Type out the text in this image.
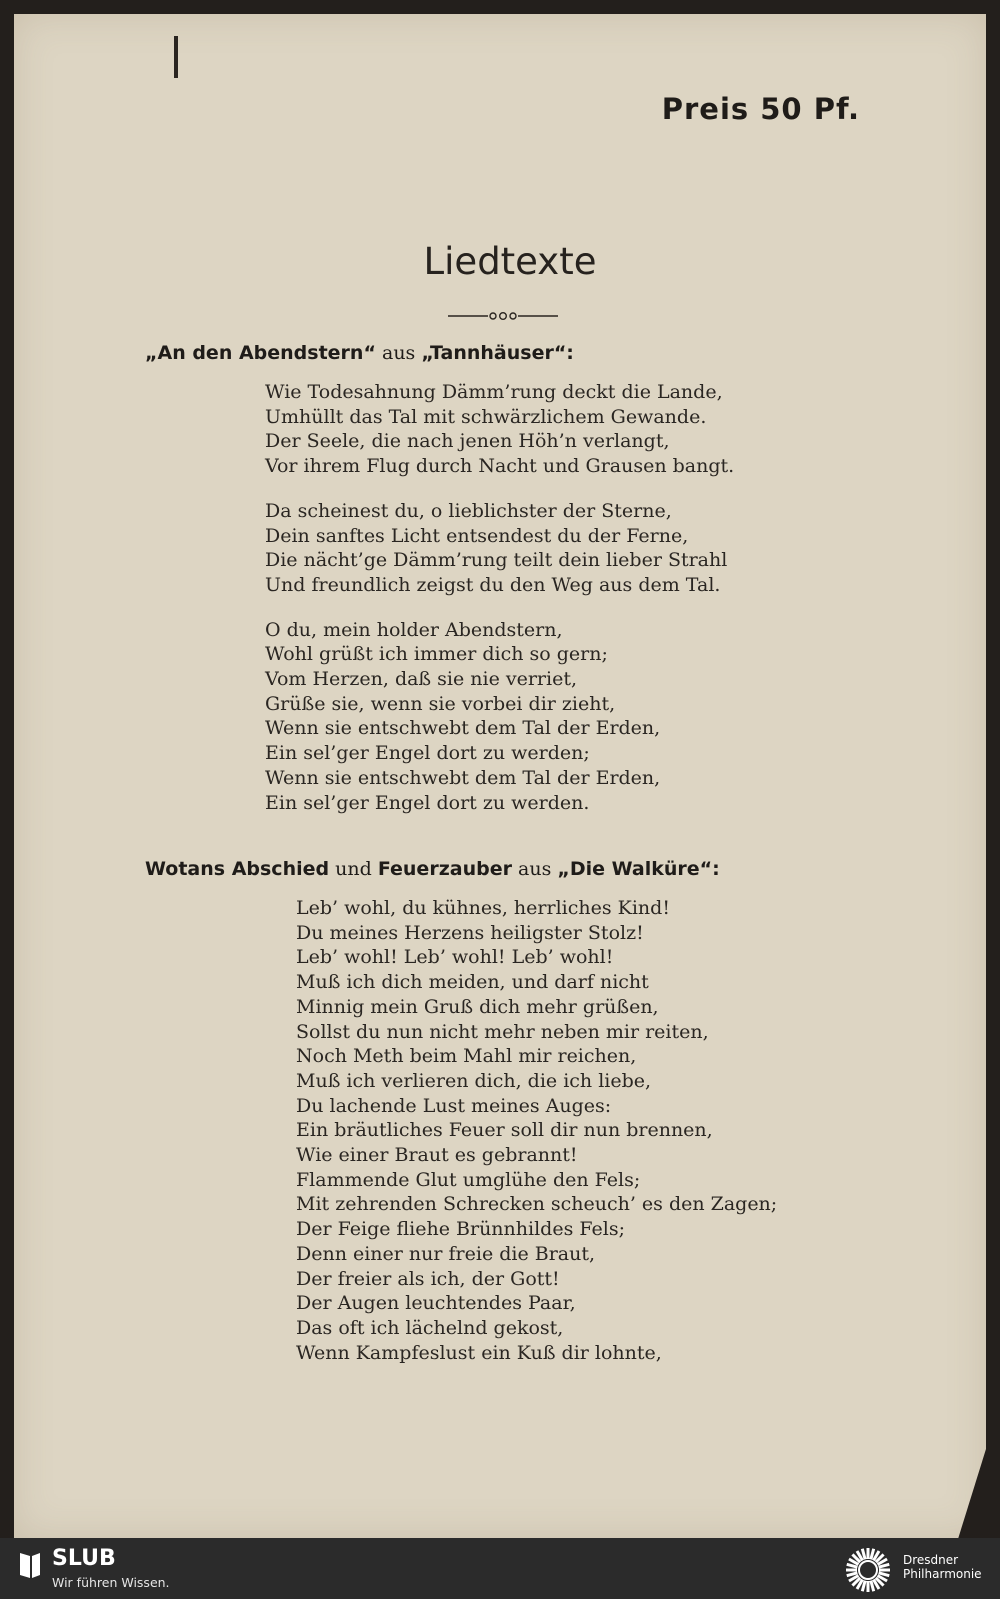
Preis 50 Pf.
Liedtexte
„An den Abendstern“ aus „Tannhäuser“:
Wie Todesahnung Dämm’rung deckt die Lande,
Umhüllt das Tal mit schwärzlichem Gewande.
Der Seele, die nach jenen Höh’n verlangt,
Vor ihrem Flug durch Nacht und Grausen bangt.
Da scheinest du, o lieblichster der Sterne,
Dein sanftes Licht entsendest du der Ferne,
Die nächt’ge Dämm’rung teilt dein lieber Strahl
Und freundlich zeigst du den Weg aus dem Tal.
O du, mein holder Abendstern,
Wohl grüßt ich immer dich so gern;
Vom Herzen, daß sie nie verriet,
Grüße sie, wenn sie vorbei dir zieht,
Wenn sie entschwebt dem Tal der Erden,
Ein sel’ger Engel dort zu werden;
Wenn sie entschwebt dem Tal der Erden,
Ein sel’ger Engel dort zu werden.
Wotans Abschied und Feuerzauber aus „Die Walküre“:
Leb’ wohl, du kühnes, herrliches Kind!
Du meines Herzens heiligster Stolz!
Leb’ wohl! Leb’ wohl! Leb’ wohl!
Muß ich dich meiden, und darf nicht
Minnig mein Gruß dich mehr grüßen,
Sollst du nun nicht mehr neben mir reiten,
Noch Meth beim Mahl mir reichen,
Muß ich verlieren dich, die ich liebe,
Du lachende Lust meines Auges:
Ein bräutliches Feuer soll dir nun brennen,
Wie einer Braut es gebrannt!
Flammende Glut umglühe den Fels;
Mit zehrenden Schrecken scheuch’ es den Zagen;
Der Feige fliehe Brünnhildes Fels;
Denn einer nur freie die Braut,
Der freier als ich, der Gott!
Der Augen leuchtendes Paar,
Das oft ich lächelnd gekost,
Wenn Kampfeslust ein Kuß dir lohnte,
SLUB
Wir führen Wissen.
Dresdner
Philharmonie
